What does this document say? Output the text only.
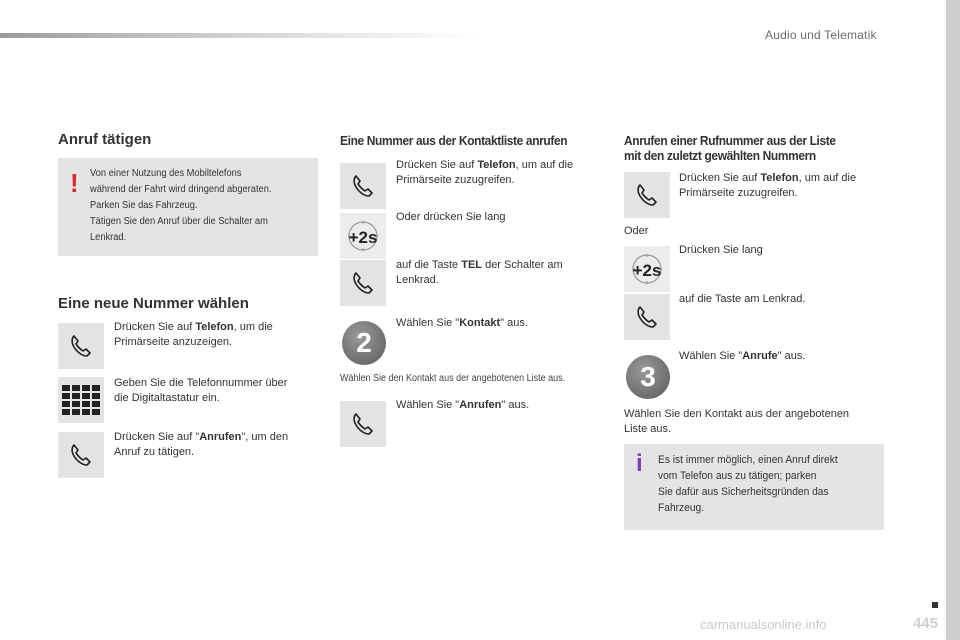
Audio und Telematik
Anruf tätigen
! Von einer Nutzung des Mobiltelefons
während der Fahrt wird dringend abgeraten.
Parken Sie das Fahrzeug.
Tätigen Sie den Anruf über die Schalter am
Lenkrad.
Eine neue Nummer wählen
Drücken Sie auf Telefon, um die
Primärseite anzuzeigen.
Geben Sie die Telefonnummer über
die Digitaltastatur ein.
Drücken Sie auf "Anrufen", um den
Anruf zu tätigen.
Eine Nummer aus der Kontaktliste anrufen
Drücken Sie auf Telefon, um auf die
Primärseite zuzugreifen.
Oder drücken Sie lang
+2s
auf die Taste TEL der Schalter am
Lenkrad.
2
Wählen Sie "Kontakt" aus.
Wählen Sie den Kontakt aus der angebotenen Liste aus.
Wählen Sie "Anrufen" aus.
Anrufen einer Rufnummer aus der Liste
mit den zuletzt gewählten Nummern
Drücken Sie auf Telefon, um auf die
Primärseite zuzugreifen.
Oder
Drücken Sie lang
+2s
auf die Taste am Lenkrad.
3
Wählen Sie "Anrufe" aus.
Wählen Sie den Kontakt aus der angebotenen
Liste aus.
i Es ist immer möglich, einen Anruf direkt
vom Telefon aus zu tätigen; parken
Sie dafür aus Sicherheitsgründen das
Fahrzeug.
445
carmanualsonline.info
